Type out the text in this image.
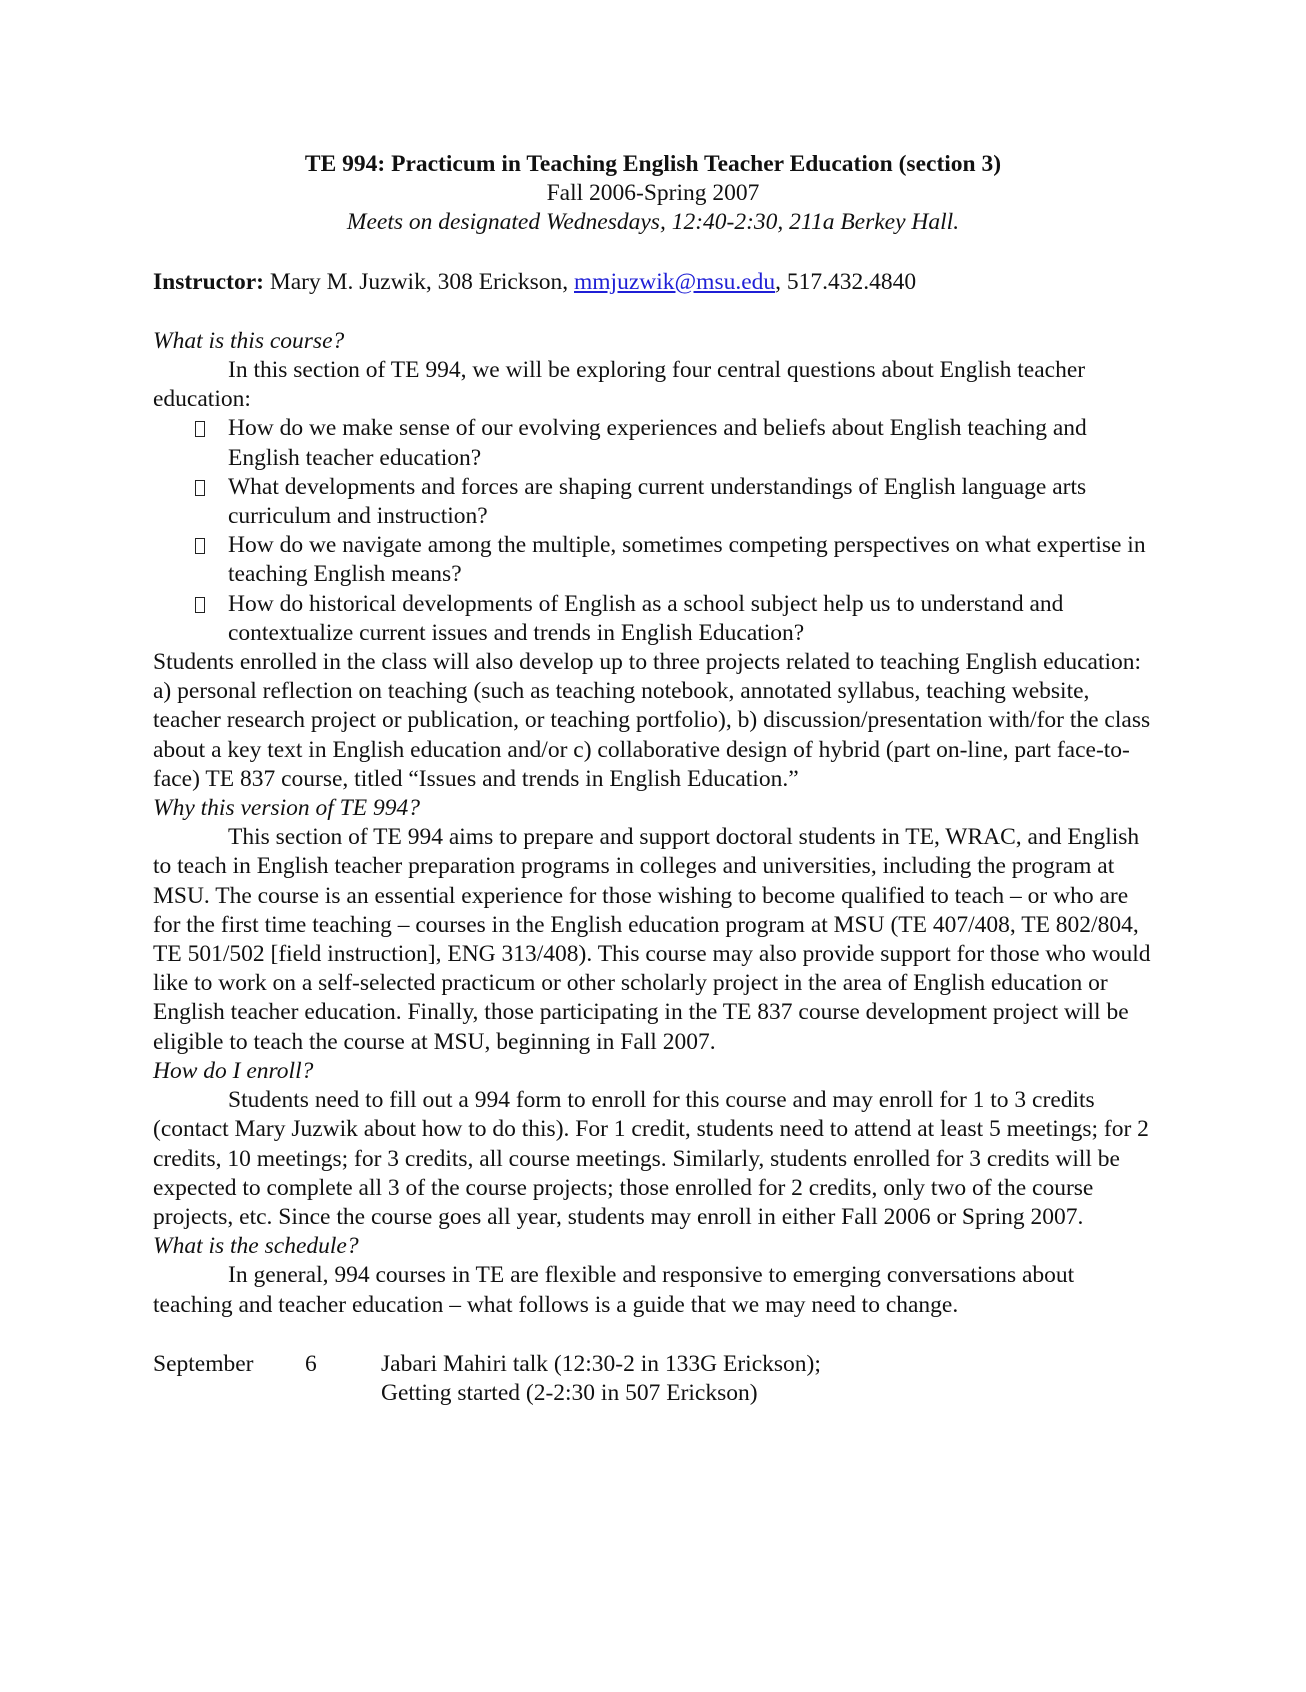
TE 994: Practicum in Teaching English Teacher Education (section 3)
Fall 2006-Spring 2007
Meets on designated Wednesdays, 12:40-2:30, 211a Berkey Hall.
Instructor: Mary M. Juzwik, 308 Erickson, mmjuzwik@msu.edu, 517.432.4840
What is this course?
In this section of TE 994, we will be exploring four central questions about English teacher education:
How do we make sense of our evolving experiences and beliefs about English teaching and English teacher education?
What developments and forces are shaping current understandings of English language arts curriculum and instruction?
How do we navigate among the multiple, sometimes competing perspectives on what expertise in teaching English means?
How do historical developments of English as a school subject help us to understand and contextualize current issues and trends in English Education?
Students enrolled in the class will also develop up to three projects related to teaching English education: a) personal reflection on teaching (such as teaching notebook, annotated syllabus, teaching website, teacher research project or publication, or teaching portfolio), b) discussion/presentation with/for the class about a key text in English education and/or c) collaborative design of hybrid (part on-line, part face-to-face) TE 837 course, titled “Issues and trends in English Education.”
Why this version of TE 994?
This section of TE 994 aims to prepare and support doctoral students in TE, WRAC, and English to teach in English teacher preparation programs in colleges and universities, including the program at MSU. The course is an essential experience for those wishing to become qualified to teach – or who are for the first time teaching – courses in the English education program at MSU (TE 407/408, TE 802/804, TE 501/502 [field instruction], ENG 313/408). This course may also provide support for those who would like to work on a self-selected practicum or other scholarly project in the area of English education or English teacher education. Finally, those participating in the TE 837 course development project will be eligible to teach the course at MSU, beginning in Fall 2007.
How do I enroll?
Students need to fill out a 994 form to enroll for this course and may enroll for 1 to 3 credits (contact Mary Juzwik about how to do this). For 1 credit, students need to attend at least 5 meetings; for 2 credits, 10 meetings; for 3 credits, all course meetings. Similarly, students enrolled for 3 credits will be expected to complete all 3 of the course projects; those enrolled for 2 credits, only two of the course projects, etc. Since the course goes all year, students may enroll in either Fall 2006 or Spring 2007.
What is the schedule?
In general, 994 courses in TE are flexible and responsive to emerging conversations about teaching and teacher education – what follows is a guide that we may need to change.
September	6	Jabari Mahiri talk (12:30-2 in 133G Erickson);
Getting started (2-2:30 in 507 Erickson)
